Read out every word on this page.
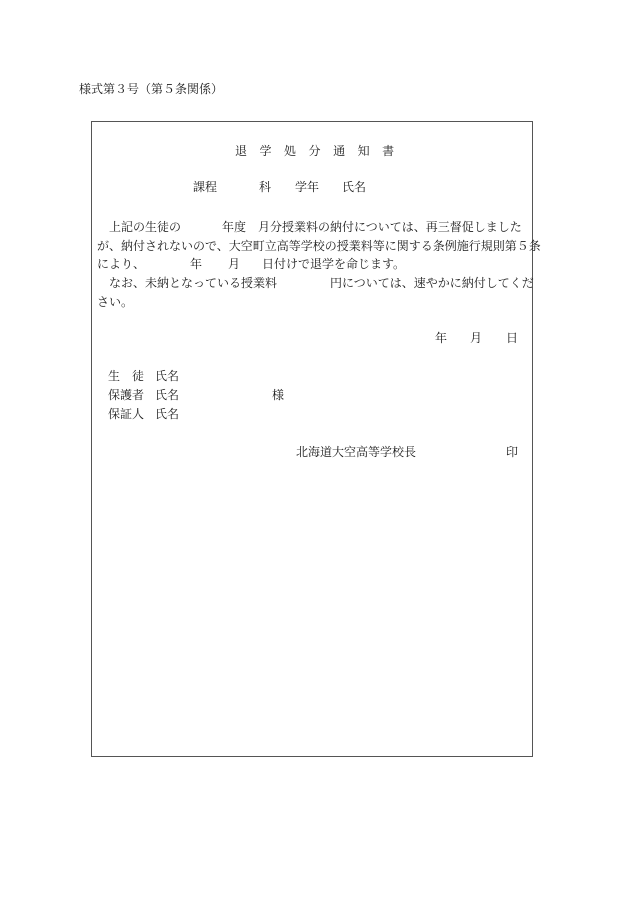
様式第３号（第５条関係）
退 学 処 分 通 知 書
課程	科 学年 氏名
上記の生徒の	年度 月分授業料の納付については、再三督促しました
が、納付されないので、大空町立高等学校の授業料等に関する条例施行規則第５条
により、	年 月 日付けで退学を命じます。
なお、未納となっている授業料	円については、速やかに納付してくだ
さい。
年 月 日
生　徒 氏名
保護者 氏名	様
保証人 氏名
北海道大空高等学校長	印
